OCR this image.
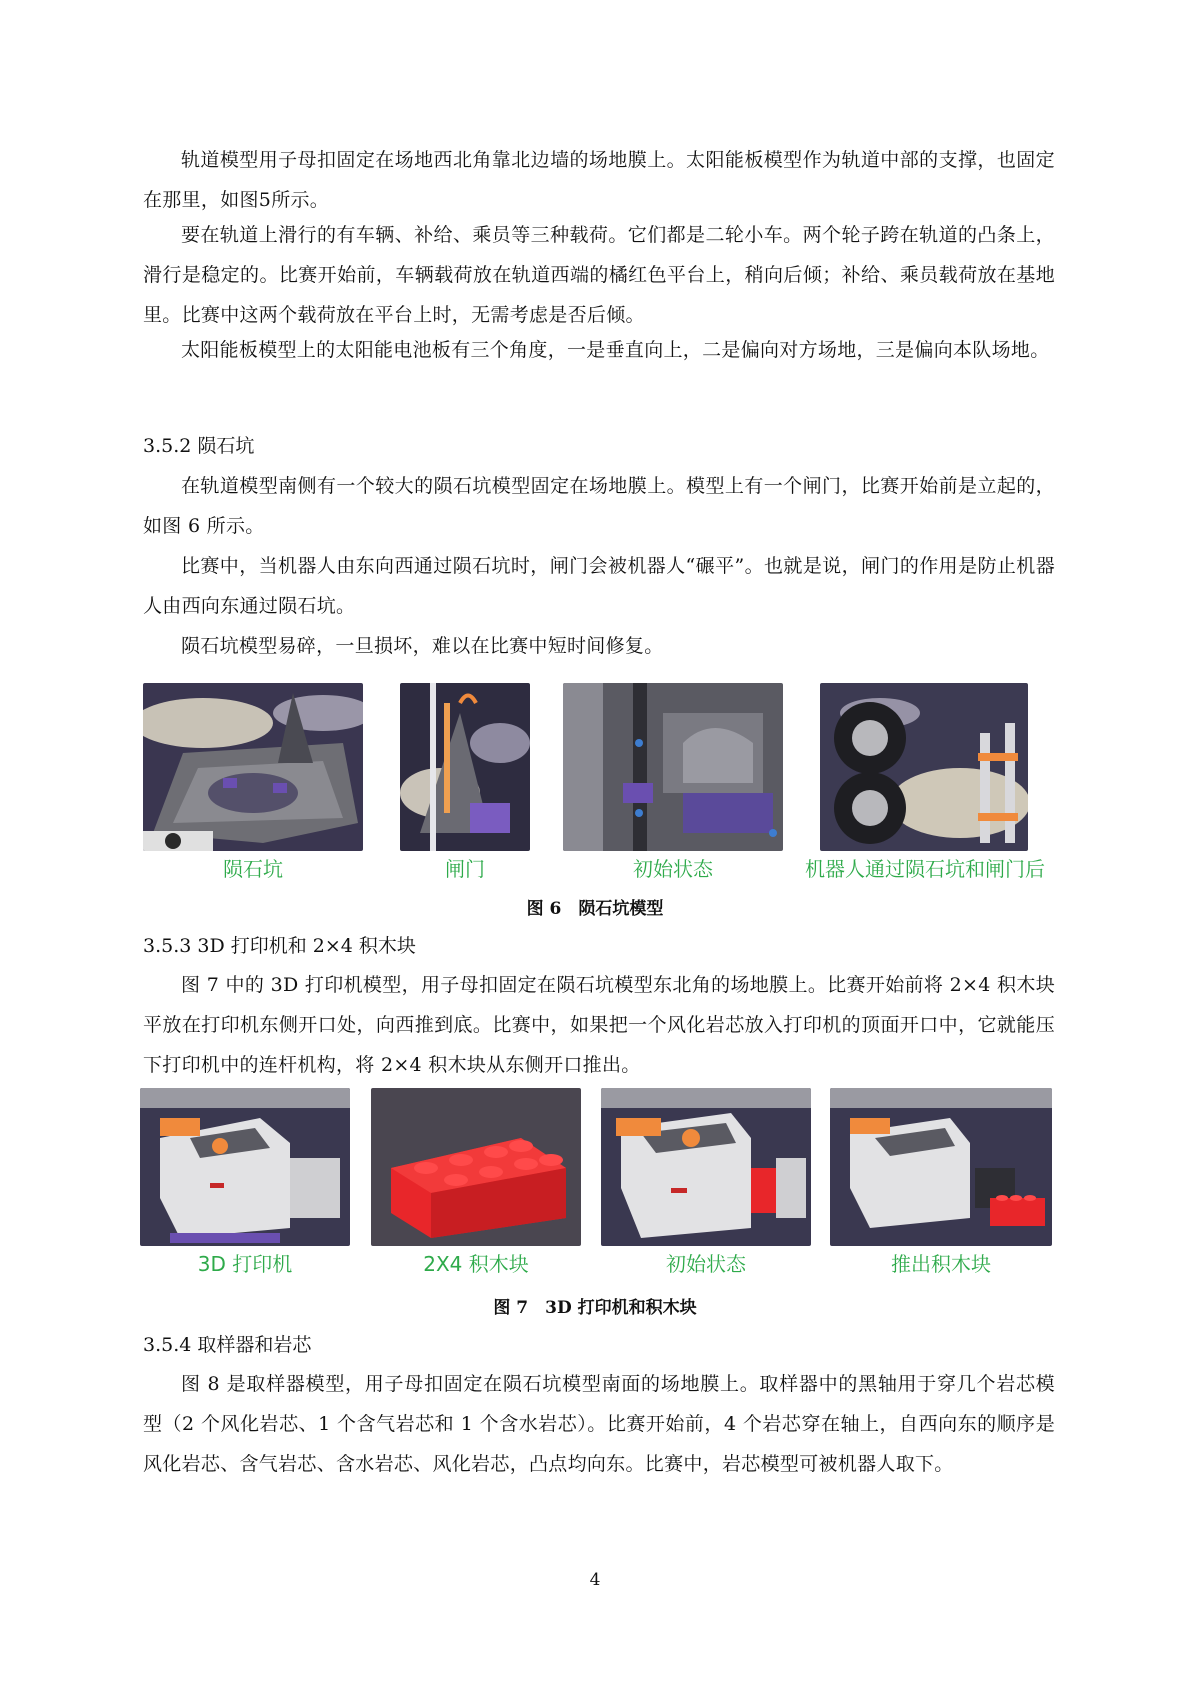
轨道模型用子母扣固定在场地西北角靠北边墙的场地膜上。太阳能板模型作为轨道中部的支撑，也固定在那里，如图5所示。

要在轨道上滑行的有车辆、补给、乘员等三种载荷。它们都是二轮小车。两个轮子跨在轨道的凸条上，滑行是稳定的。比赛开始前，车辆载荷放在轨道西端的橘红色平台上，稍向后倾；补给、乘员载荷放在基地里。比赛中这两个载荷放在平台上时，无需考虑是否后倾。

太阳能板模型上的太阳能电池板有三个角度，一是垂直向上，二是偏向对方场地，三是偏向本队场地。

3.5.2 陨石坑

在轨道模型南侧有一个较大的陨石坑模型固定在场地膜上。模型上有一个闸门，比赛开始前是立起的，如图 6 所示。

比赛中，当机器人由东向西通过陨石坑时，闸门会被机器人“碾平”。也就是说，闸门的作用是防止机器人由西向东通过陨石坑。

陨石坑模型易碎，一旦损坏，难以在比赛中短时间修复。

陨石坑	闸门	初始状态	机器人通过陨石坑和闸门后

图 6　陨石坑模型

3.5.3 3D 打印机和 2×4 积木块

图 7 中的 3D 打印机模型，用子母扣固定在陨石坑模型东北角的场地膜上。比赛开始前将 2×4 积木块平放在打印机东侧开口处，向西推到底。比赛中，如果把一个风化岩芯放入打印机的顶面开口中，它就能压下打印机中的连杆机构，将 2×4 积木块从东侧开口推出。

3D 打印机	2X4 积木块	初始状态	推出积木块

图 7　3D 打印机和积木块

3.5.4 取样器和岩芯

图 8 是取样器模型，用子母扣固定在陨石坑模型南面的场地膜上。取样器中的黑轴用于穿几个岩芯模型（2 个风化岩芯、1 个含气岩芯和 1 个含水岩芯）。比赛开始前，4 个岩芯穿在轴上，自西向东的顺序是风化岩芯、含气岩芯、含水岩芯、风化岩芯，凸点均向东。比赛中，岩芯模型可被机器人取下。

4
